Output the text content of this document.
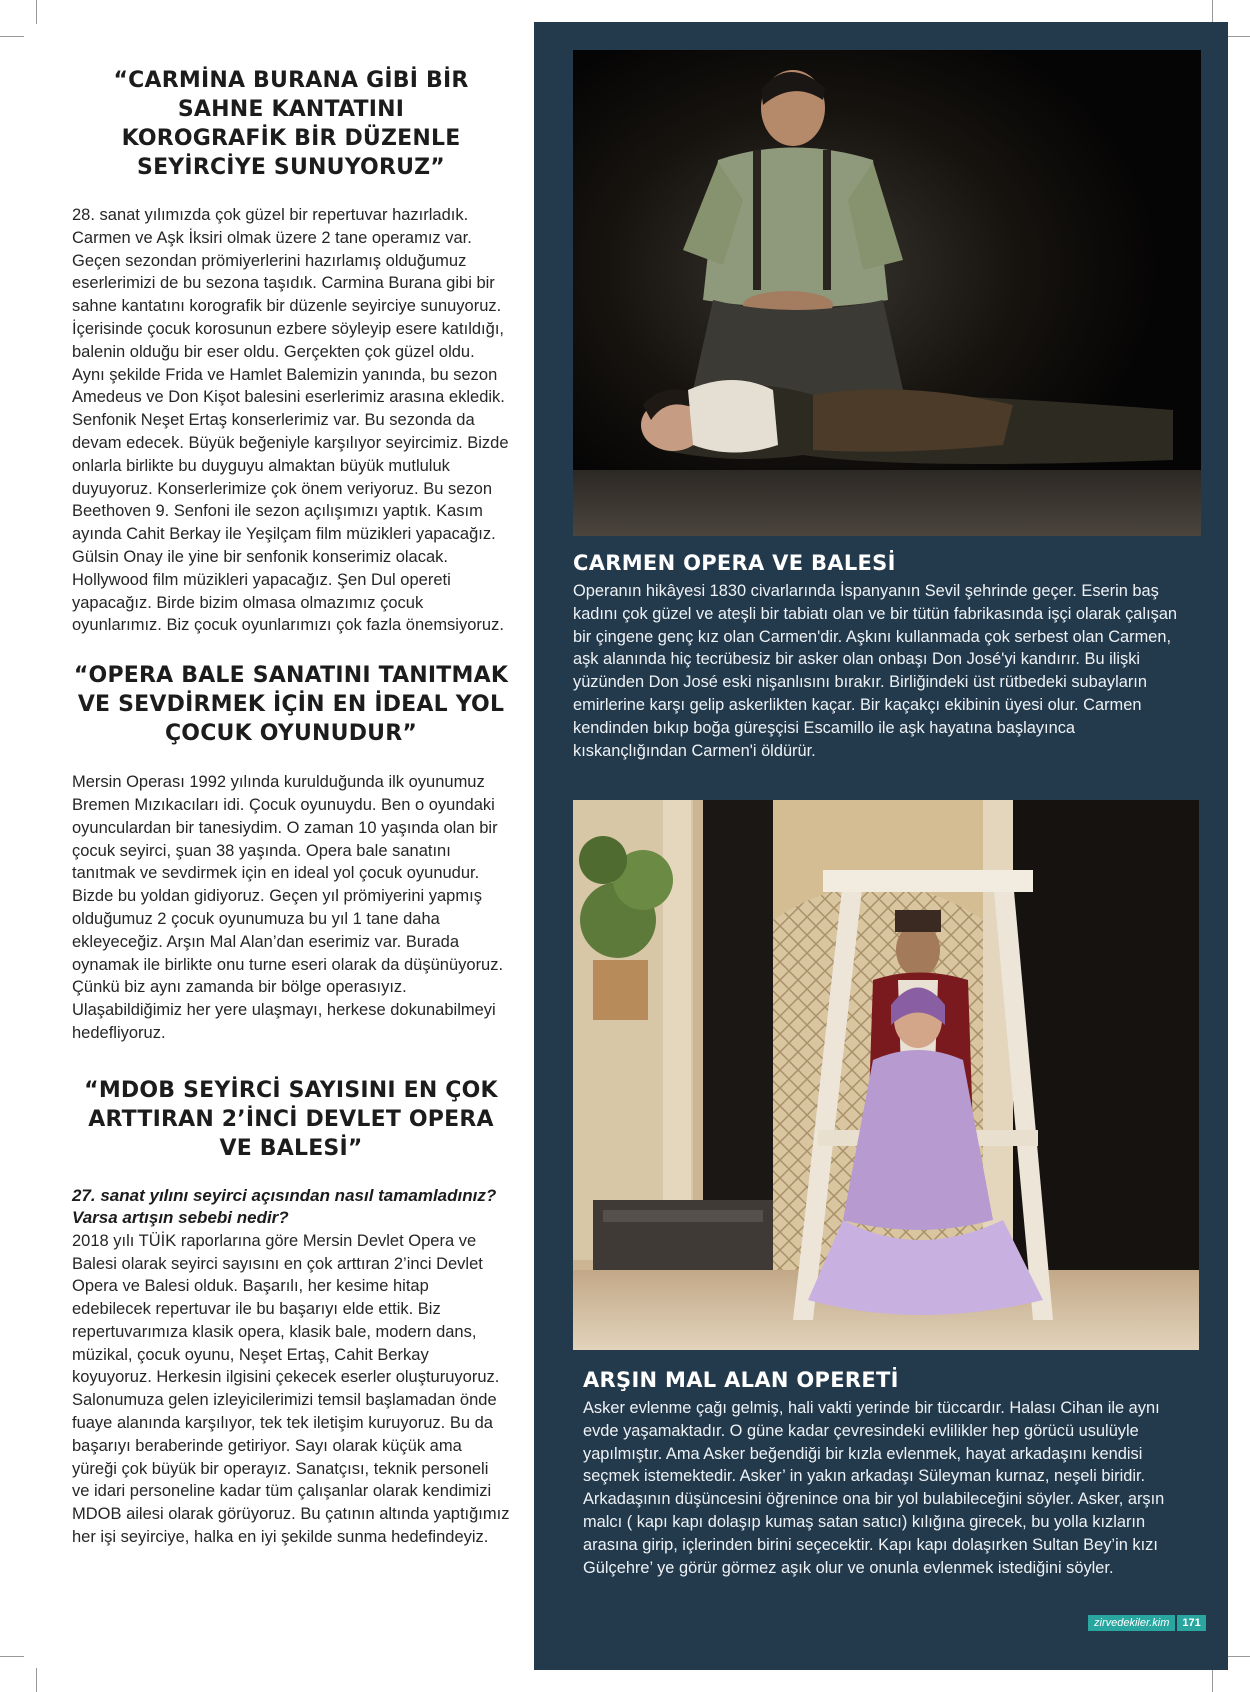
“CARMİNA BURANA GİBİ BİR SAHNE KANTATINI KOROGRAFİK BİR DÜZENLE SEYİRCİYE SUNUYORUZ”

28. sanat yılımızda çok güzel bir repertuvar hazırladık. Carmen ve Aşk İksiri olmak üzere 2 tane operamız var. Geçen sezondan prömiyerlerini hazırlamış olduğumuz eserlerimizi de bu sezona taşıdık. Carmina Burana gibi bir sahne kantatını korografik bir düzenle seyirciye sunuyoruz. İçerisinde çocuk korosunun ezbere söyleyip esere katıldığı, balenin olduğu bir eser oldu. Gerçekten çok güzel oldu. Aynı şekilde Frida ve Hamlet Balemizin yanında, bu sezon Amedeus ve Don Kişot balesini eserlerimiz arasına ekledik. Senfonik Neşet Ertaş konserlerimiz var. Bu sezonda da devam edecek. Büyük beğeniyle karşılıyor seyircimiz. Bizde onlarla birlikte bu duyguyu almaktan büyük mutluluk duyuyoruz. Konserlerimize çok önem veriyoruz. Bu sezon Beethoven 9. Senfoni ile sezon açılışımızı yaptık. Kasım ayında Cahit Berkay ile Yeşilçam film müzikleri yapacağız. Gülsin Onay ile yine bir senfonik konserimiz olacak. Hollywood film müzikleri yapacağız. Şen Dul opereti yapacağız. Birde bizim olmasa olmazımız çocuk oyunlarımız. Biz çocuk oyunlarımızı çok fazla önemsiyoruz.

“OPERA BALE SANATINI TANITMAK VE SEVDİRMEK İÇİN EN İDEAL YOL ÇOCUK OYUNUDUR”

Mersin Operası 1992 yılında kurulduğunda ilk oyunumuz Bremen Mızıkacıları idi. Çocuk oyunuydu. Ben o oyundaki oyunculardan bir tanesiydim. O zaman 10 yaşında olan bir çocuk seyirci, şuan 38 yaşında. Opera bale sanatını tanıtmak ve sevdirmek için en ideal yol çocuk oyunudur. Bizde bu yoldan gidiyoruz. Geçen yıl prömiyerini yapmış olduğumuz 2 çocuk oyunumuza bu yıl 1 tane daha ekleyeceğiz. Arşın Mal Alan’dan eserimiz var. Burada oynamak ile birlikte onu turne eseri olarak da düşünüyoruz. Çünkü biz aynı zamanda bir bölge operasıyız. Ulaşabildiğimiz her yere ulaşmayı, herkese dokunabilmeyi hedefliyoruz.

“MDOB SEYİRCİ SAYISINI EN ÇOK ARTTIRAN 2’İNCİ DEVLET OPERA VE BALESİ”

27. sanat yılını seyirci açısından nasıl tamamladınız? Varsa artışın sebebi nedir?

2018 yılı TÜİK raporlarına göre Mersin Devlet Opera ve Balesi olarak seyirci sayısını en çok arttıran 2’inci Devlet Opera ve Balesi olduk. Başarılı, her kesime hitap edebilecek repertuvar ile bu başarıyı elde ettik. Biz repertuvarımıza klasik opera, klasik bale, modern dans, müzikal, çocuk oyunu, Neşet Ertaş, Cahit Berkay koyuyoruz. Herkesin ilgisini çekecek eserler oluşturuyoruz. Salonumuza gelen izleyicilerimizi temsil başlamadan önde fuaye alanında karşılıyor, tek tek iletişim kuruyoruz. Bu da başarıyı beraberinde getiriyor. Sayı olarak küçük ama yüreği çok büyük bir operayız. Sanatçısı, teknik personeli ve idari personeline kadar tüm çalışanlar olarak kendimizi MDOB ailesi olarak görüyoruz. Bu çatının altında yaptığımız her işi seyirciye, halka en iyi şekilde sunma hedefindeyiz.

CARMEN OPERA VE BALESİ

Operanın hikâyesi 1830 civarlarında İspanyanın Sevil şehrinde geçer. Eserin baş kadını çok güzel ve ateşli bir tabiatı olan ve bir tütün fabrikasında işçi olarak çalışan bir çingene genç kız olan Carmen'dir. Aşkını kullanmada çok serbest olan Carmen, aşk alanında hiç tecrübesiz bir asker olan onbaşı Don José'yi kandırır. Bu ilişki yüzünden Don José eski nişanlısını bırakır. Birliğindeki üst rütbedeki subayların emirlerine karşı gelip askerlikten kaçar. Bir kaçakçı ekibinin üyesi olur. Carmen kendinden bıkıp boğa güreşçisi Escamillo ile aşk hayatına başlayınca kıskançlığından Carmen'i öldürür.

ARŞIN MAL ALAN OPERETİ

Asker evlenme çağı gelmiş, hali vakti yerinde bir tüccardır. Halası Cihan ile aynı evde yaşamaktadır. O güne kadar çevresindeki evlilikler hep görücü usulüyle yapılmıştır. Ama Asker beğendiği bir kızla evlenmek, hayat arkadaşını kendisi seçmek istemektedir. Asker’ in yakın arkadaşı Süleyman kurnaz, neşeli biridir. Arkadaşının düşüncesini öğrenince ona bir yol bulabileceğini söyler. Asker, arşın malcı ( kapı kapı dolaşıp kumaş satan satıcı) kılığına girecek, bu yolla kızların arasına girip, içlerinden birini seçecektir. Kapı kapı dolaşırken Sultan Bey’in kızı Gülçehre’ ye görür görmez aşık olur ve onunla evlenmek istediğini söyler.

zirvedekiler.kim	171
